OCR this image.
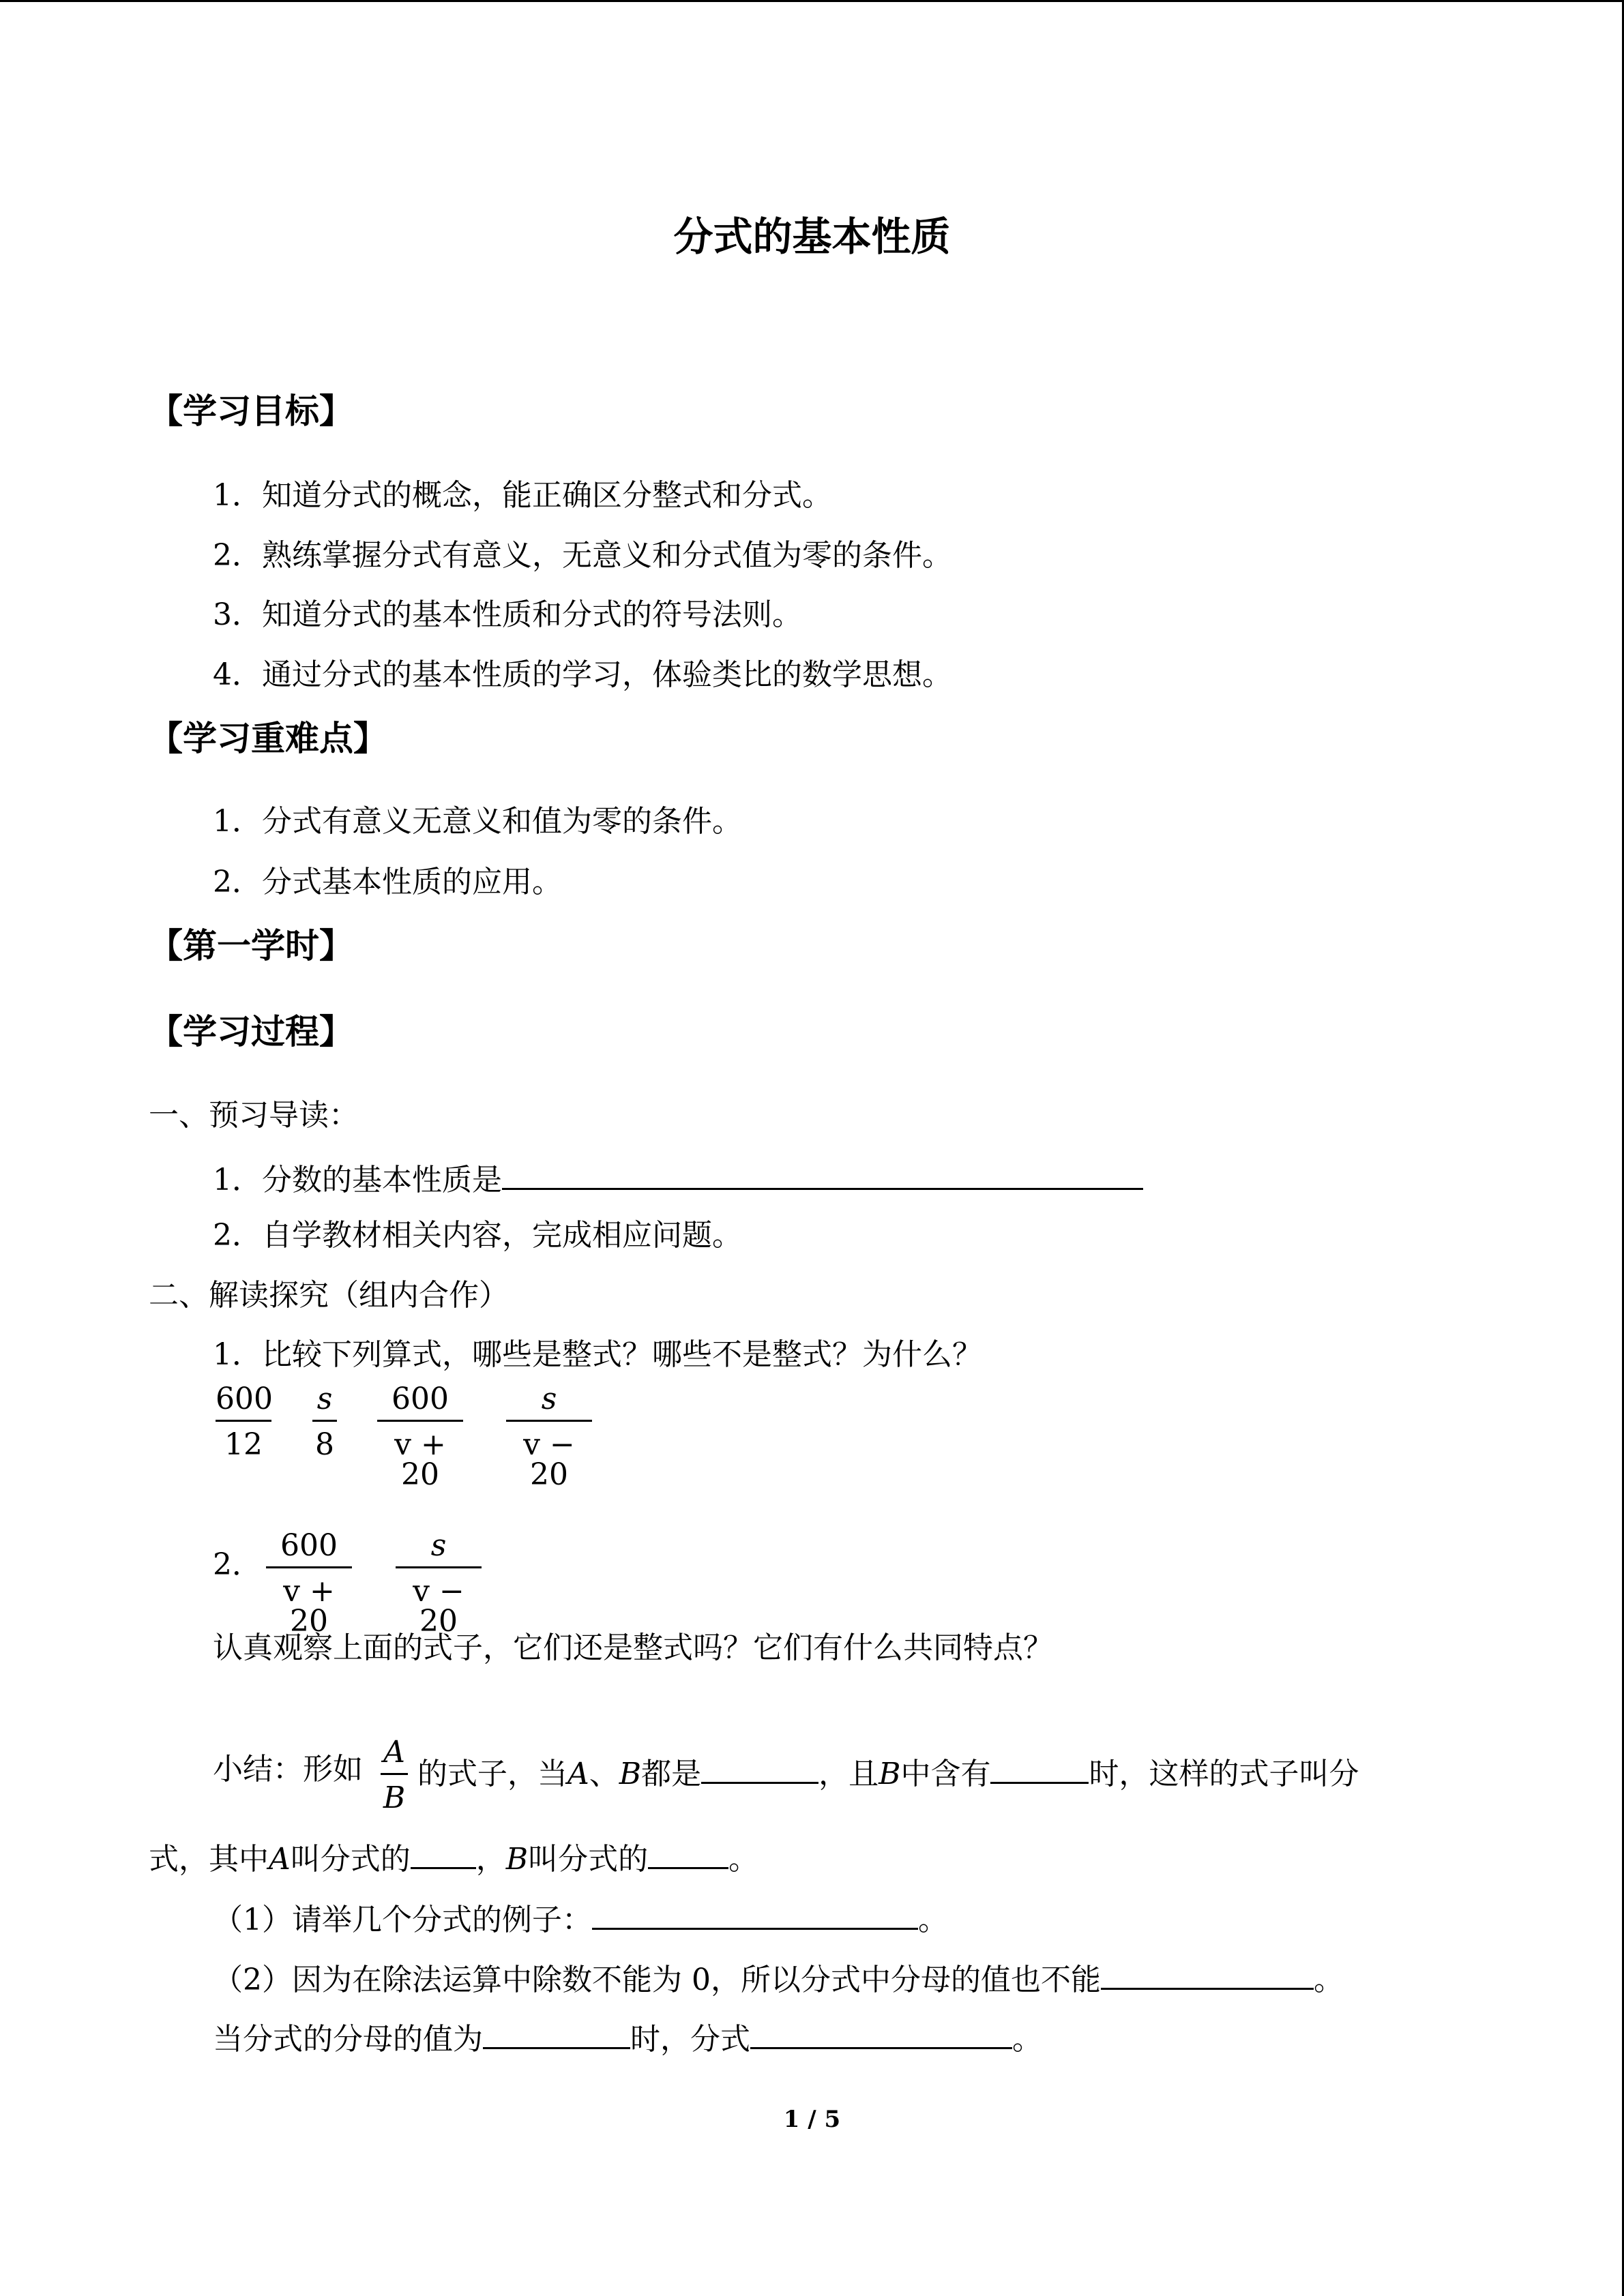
分式的基本性质
【学习目标】
1．知道分式的概念，能正确区分整式和分式。
2．熟练掌握分式有意义，无意义和分式值为零的条件。
3．知道分式的基本性质和分式的符号法则。
4．通过分式的基本性质的学习，体验类比的数学思想。
【学习重难点】
1．分式有意义无意义和值为零的条件。
2．分式基本性质的应用。
【第一学时】
【学习过程】
一、预习导读：
1．分数的基本性质是
2．自学教材相关内容，完成相应问题。
二、解读探究（组内合作）
1．比较下列算式，哪些是整式？哪些不是整式？为什么？
600
12
s
8
600
v + 20
s
v − 20
2．
600
v + 20
s
v − 20
认真观察上面的式子，它们还是整式吗？它们有什么共同特点？
小结：形如 A
B
的式子，当A、B都是	，且B中含有	时，这样的式子叫分
式，其中A叫分式的 ，B叫分式的	。
（1）请举几个分式的例子：	。
（2）因为在除法运算中除数不能为 0，所以分式中分母的值也不能	。
当分式的分母的值为	时，分式	。
1 / 5
